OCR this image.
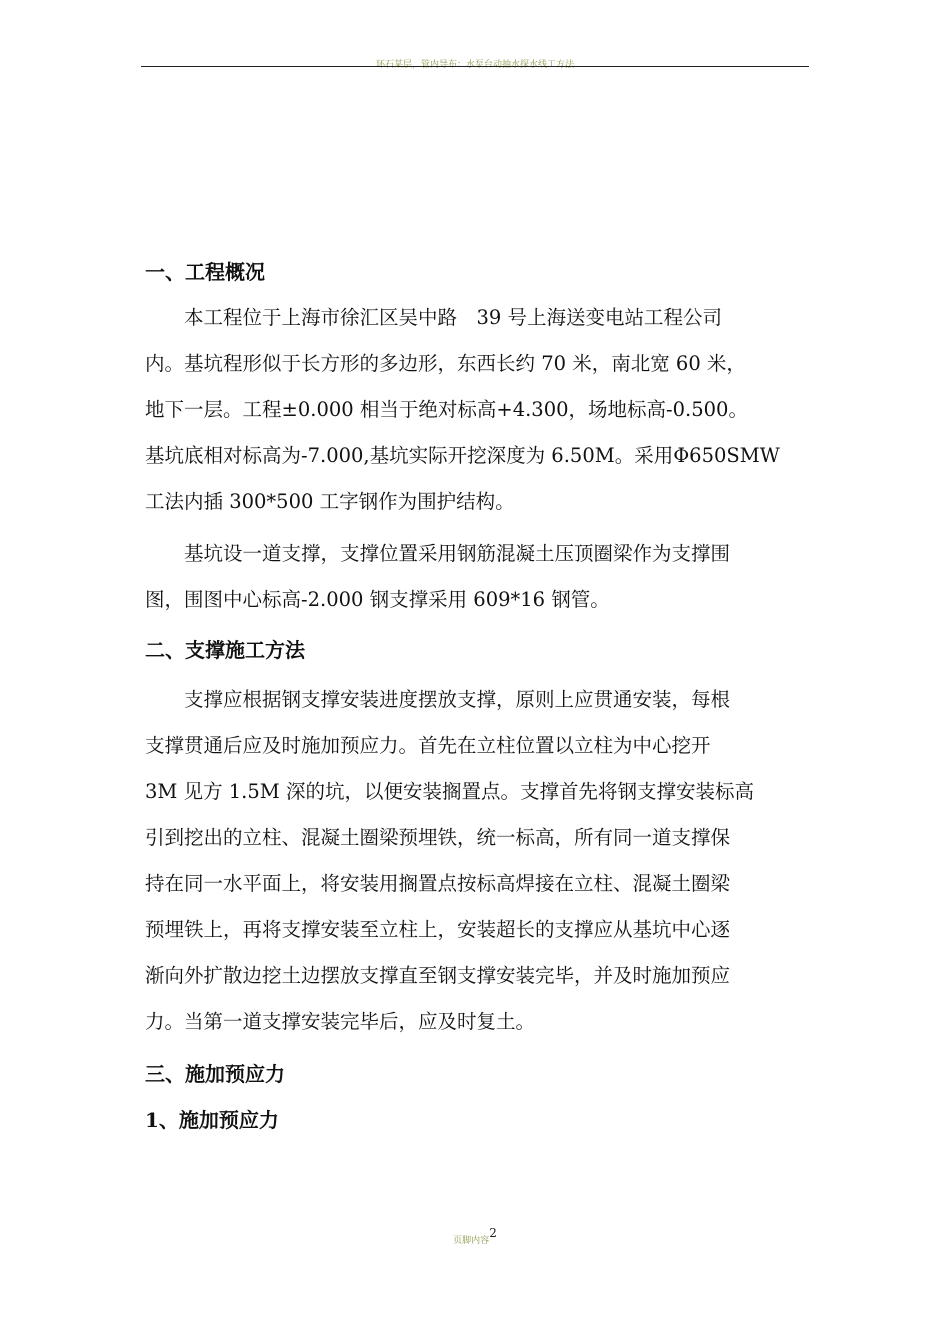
环石某层，管内导布：水泵台动抽水探水线工方法
一、工程概况
　　本工程位于上海市徐汇区吴中路　39 号上海送变电站工程公司
内。基坑程形似于长方形的多边形，东西长约 70 米，南北宽 60 米，
地下一层。工程±0.000 相当于绝对标高+4.300，场地标高-0.500。
基坑底相对标高为-7.000,基坑实际开挖深度为 6.50M。采用Φ650SMW
工法内插 300*500 工字钢作为围护结构。
　　基坑设一道支撑，支撑位置采用钢筋混凝土压顶圈梁作为支撑围
图，围图中心标高-2.000 钢支撑采用 609*16 钢管。
二、支撑施工方法
　　支撑应根据钢支撑安装进度摆放支撑，原则上应贯通安装，每根
支撑贯通后应及时施加预应力。首先在立柱位置以立柱为中心挖开
3M 见方 1.5M 深的坑，以便安装搁置点。支撑首先将钢支撑安装标高
引到挖出的立柱、混凝土圈梁预埋铁，统一标高，所有同一道支撑保
持在同一水平面上，将安装用搁置点按标高焊接在立柱、混凝土圈梁
预埋铁上，再将支撑安装至立柱上，安装超长的支撑应从基坑中心逐
渐向外扩散边挖土边摆放支撑直至钢支撑安装完毕，并及时施加预应
力。当第一道支撑安装完毕后，应及时复土。
三、施加预应力
1、施加预应力
页脚内容2
